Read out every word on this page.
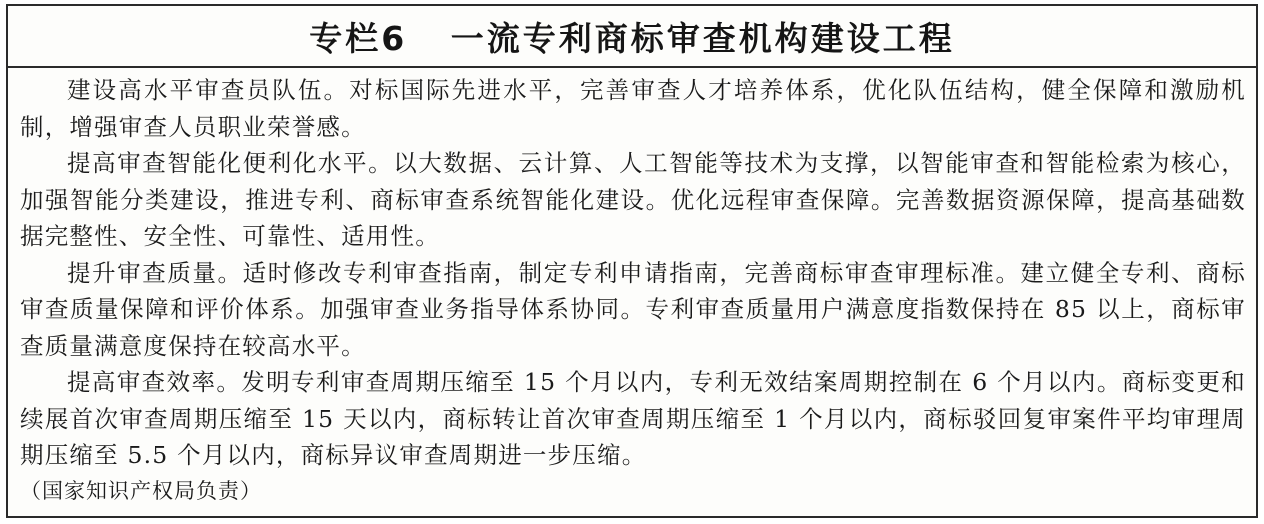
专栏6 一流专利商标审查机构建设工程

建设高水平审查员队伍。对标国际先进水平，完善审查人才培养体系，优化队伍结构，健全保障和激励机制，增强审查人员职业荣誉感。

提高审查智能化便利化水平。以大数据、云计算、人工智能等技术为支撑，以智能审查和智能检索为核心，加强智能分类建设，推进专利、商标审查系统智能化建设。优化远程审查保障。完善数据资源保障，提高基础数据完整性、安全性、可靠性、适用性。

提升审查质量。适时修改专利审查指南，制定专利申请指南，完善商标审查审理标准。建立健全专利、商标审查质量保障和评价体系。加强审查业务指导体系协同。专利审查质量用户满意度指数保持在 85 以上，商标审查质量满意度保持在较高水平。

提高审查效率。发明专利审查周期压缩至 15 个月以内，专利无效结案周期控制在 6 个月以内。商标变更和续展首次审查周期压缩至 15 天以内，商标转让首次审查周期压缩至 1 个月以内，商标驳回复审案件平均审理周期压缩至 5.5 个月以内，商标异议审查周期进一步压缩。

（国家知识产权局负责）
